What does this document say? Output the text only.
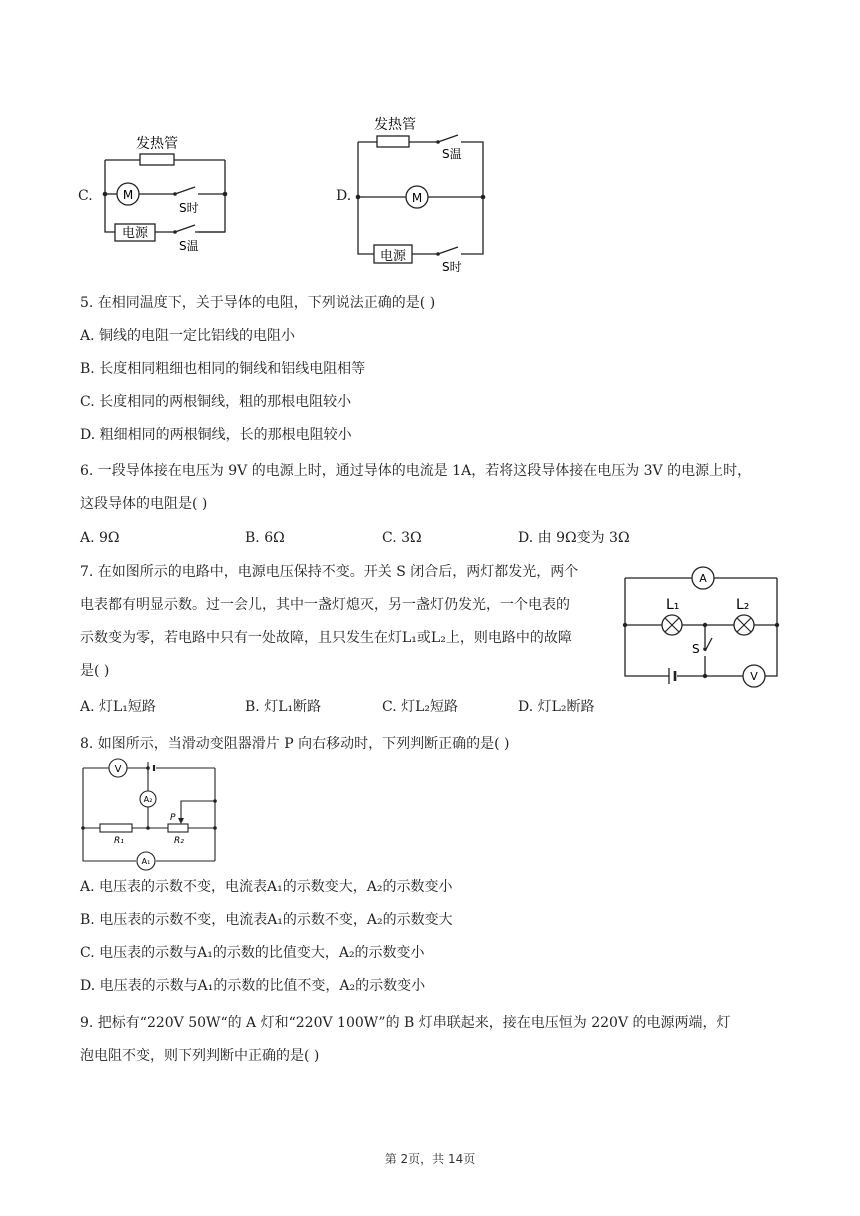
C.
发热管
M
电源
S时
S温
D.
发热管
M
电源
S温
S时
5. 在相同温度下，关于导体的电阻，下列说法正确的是( )
A. 铜线的电阻一定比铝线的电阻小
B. 长度相同粗细也相同的铜线和铝线电阻相等
C. 长度相同的两根铜线，粗的那根电阻较小
D. 粗细相同的两根铜线，长的那根电阻较小
6. 一段导体接在电压为 9V 的电源上时，通过导体的电流是 1A，若将这段导体接在电压为 3V 的电源上时，
这段导体的电阻是( )
A. 9Ω	B. 6Ω	C. 3Ω	D. 由 9Ω变为 3Ω
7. 在如图所示的电路中，电源电压保持不变。开关 S 闭合后，两灯都发光，两个
电表都有明显示数。过一会儿，其中一盏灯熄灭，另一盏灯仍发光，一个电表的
示数变为零，若电路中只有一处故障，且只发生在灯L₁或L₂上，则电路中的故障
是( )
A. 灯L₁短路	B. 灯L₁断路	C. 灯L₂短路	D. 灯L₂断路
A
V
L₁	L₂
S
8. 如图所示，当滑动变阻器滑片 P 向右移动时，下列判断正确的是( )
V
A₂
A₁
R₁	R₂
P
A. 电压表的示数不变，电流表A₁的示数变大，A₂的示数变小
B. 电压表的示数不变，电流表A₁的示数不变，A₂的示数变大
C. 电压表的示数与A₁的示数的比值变大，A₂的示数变小
D. 电压表的示数与A₁的示数的比值不变，A₂的示数变小
9. 把标有“220V 50W“的 A 灯和“220V 100W”的 B 灯串联起来，接在电压恒为 220V 的电源两端，灯
泡电阻不变，则下列判断中正确的是( )
第 2页，共 14页
